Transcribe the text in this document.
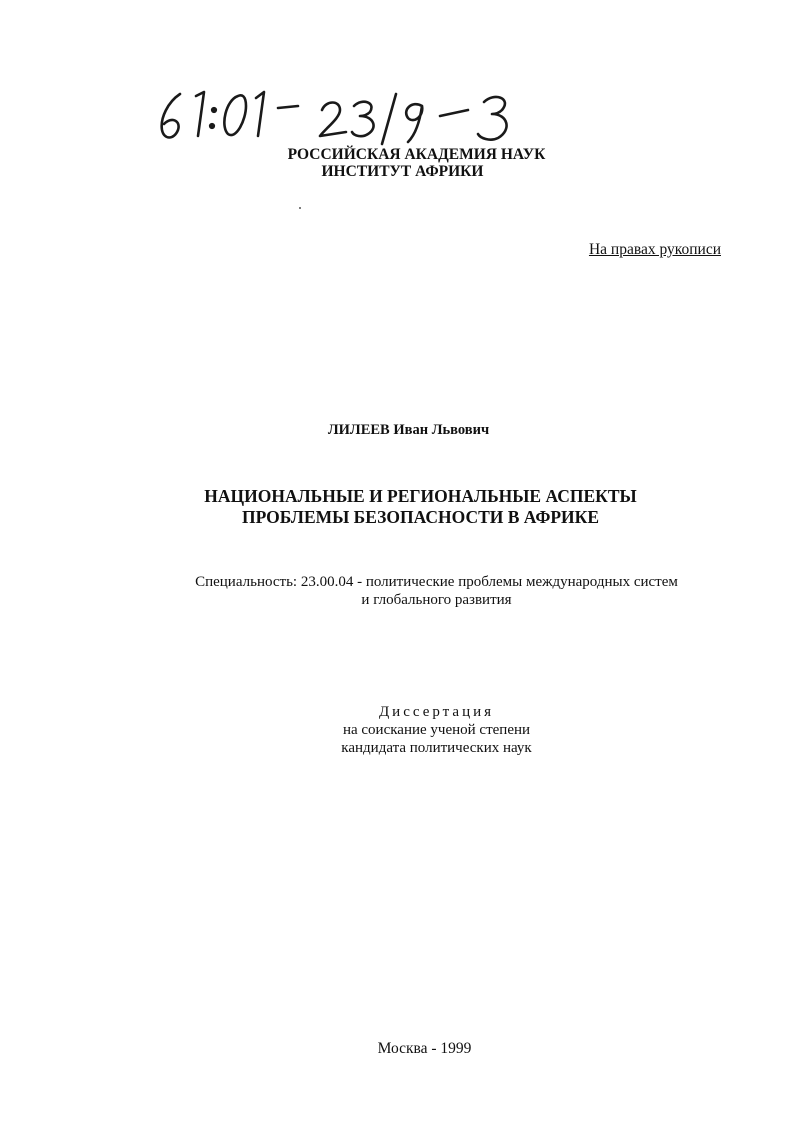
РОССИЙСКАЯ АКАДЕМИЯ НАУК
ИНСТИТУТ АФРИКИ
На правах рукописи
ЛИЛЕЕВ Иван Львович
НАЦИОНАЛЬНЫЕ И РЕГИОНАЛЬНЫЕ АСПЕКТЫ
ПРОБЛЕМЫ БЕЗОПАСНОСТИ В АФРИКЕ
Специальность: 23.00.04 - политические проблемы международных систем
и глобального развития
Диссертация
на соискание ученой степени
кандидата политических наук
Москва - 1999
